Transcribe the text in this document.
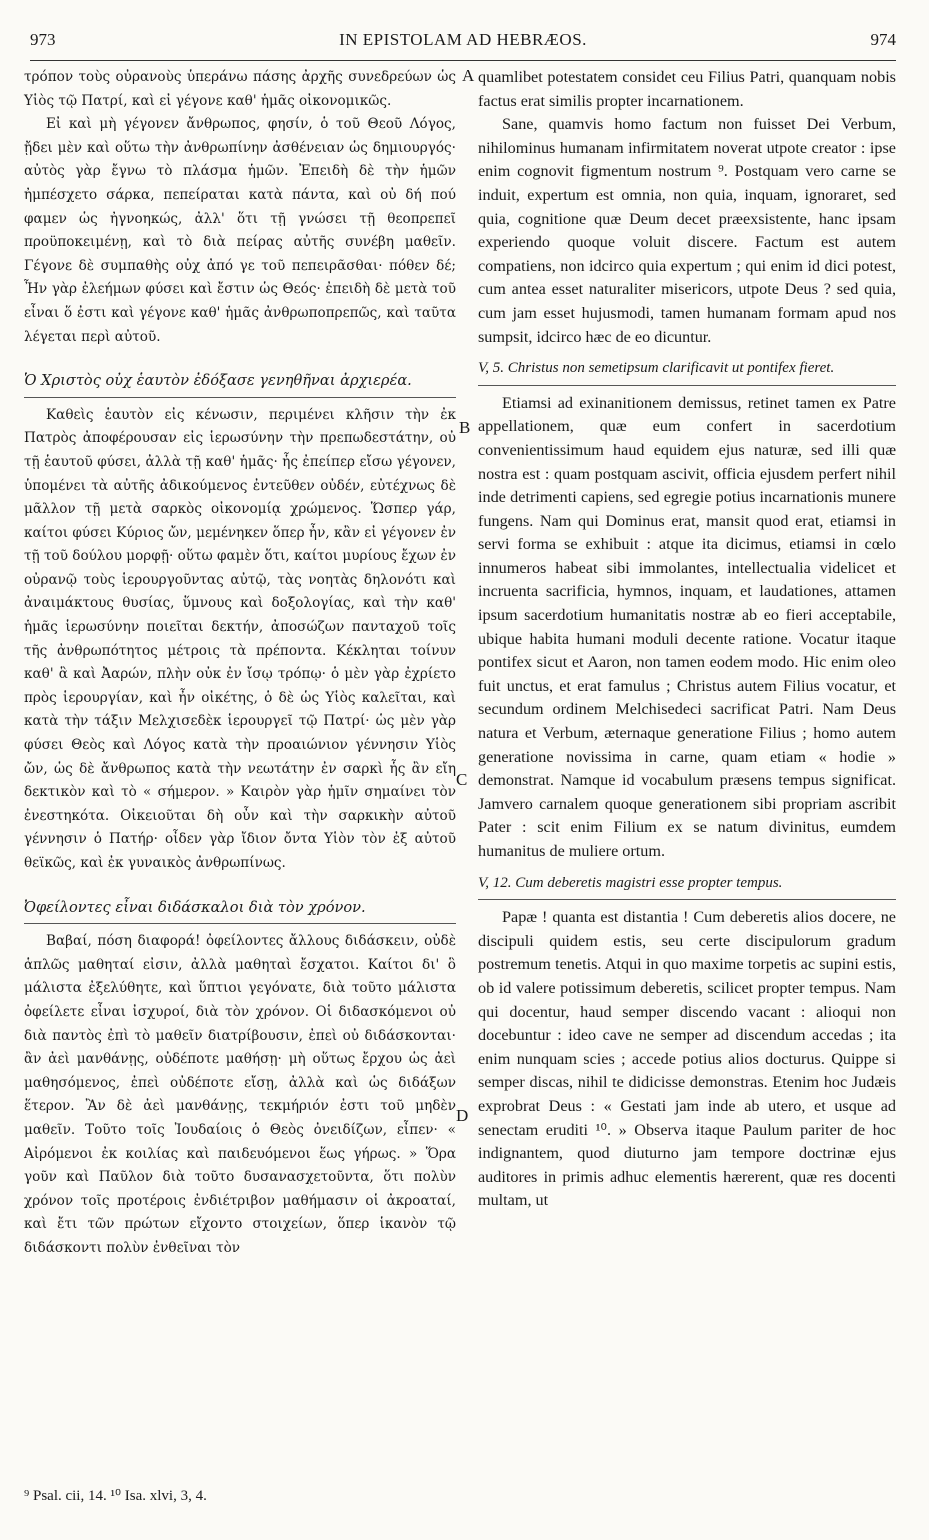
973	IN EPISTOLAM AD HEBRÆOS.	974

τρόπον τοὺς οὐρανοὺς ὑπεράνω πάσης ἀρχῆς συνεδρεύων ὡς Υἱὸς τῷ Πατρί, καὶ εἰ γέγονε καθ' ἡμᾶς οἰκονομικῶς.

Εἰ καὶ μὴ γέγονεν ἄνθρωπος, φησίν, ὁ τοῦ Θεοῦ Λόγος, ᾔδει μὲν καὶ οὕτω τὴν ἀνθρωπίνην ἀσθένειαν ὡς δημιουργός· αὐτὸς γὰρ ἔγνω τὸ πλάσμα ἡμῶν. Ἐπειδὴ δὲ τὴν ἡμῶν ἠμπέσχετο σάρκα, πεπείραται κατὰ πάντα, καὶ οὐ δή πού φαμεν ὡς ἠγνοηκώς, ἀλλ' ὅτι τῇ γνώσει τῇ θεοπρεπεῖ προϋποκειμένῃ, καὶ τὸ διὰ πείρας αὐτῆς συνέβη μαθεῖν. Γέγονε δὲ συμπαθὴς οὐχ ἀπό γε τοῦ πεπειρᾶσθαι· πόθεν δέ; Ἦν γὰρ ἐλεήμων φύσει καὶ ἔστιν ὡς Θεός· ἐπειδὴ δὲ μετὰ τοῦ εἶναι ὅ ἐστι καὶ γέγονε καθ' ἡμᾶς ἀνθρωποπρεπῶς, καὶ ταῦτα λέγεται περὶ αὐτοῦ.

Ὁ Χριστὸς οὐχ ἑαυτὸν ἐδόξασε γενηθῆναι ἀρχιερέα.

Καθεὶς ἑαυτὸν εἰς κένωσιν, περιμένει κλῆσιν τὴν ἐκ Πατρὸς ἀποφέρουσαν εἰς ἱερωσύνην τὴν πρεπωδεστάτην, οὐ τῇ ἑαυτοῦ φύσει, ἀλλὰ τῇ καθ' ἡμᾶς· ἧς ἐπείπερ εἴσω γέγονεν, ὑπομένει τὰ αὐτῆς ἀδικούμενος ἐντεῦθεν οὐδέν, εὐτέχνως δὲ μᾶλλον τῇ μετὰ σαρκὸς οἰκονομίᾳ χρώμενος. Ὥσπερ γάρ, καίτοι φύσει Κύριος ὤν, μεμένηκεν ὅπερ ἦν, κἂν εἰ γέγονεν ἐν τῇ τοῦ δούλου μορφῇ· οὕτω φαμὲν ὅτι, καίτοι μυρίους ἔχων ἐν οὐρανῷ τοὺς ἱερουργοῦντας αὐτῷ, τὰς νοητὰς δηλονότι καὶ ἀναιμάκτους θυσίας, ὕμνους καὶ δοξολογίας, καὶ τὴν καθ' ἡμᾶς ἱερωσύνην ποιεῖται δεκτήν, ἀποσώζων πανταχοῦ τοῖς τῆς ἀνθρωπότητος μέτροις τὰ πρέποντα. Κέκληται τοίνυν καθ' ἃ καὶ Ἀαρών, πλὴν οὐκ ἐν ἴσῳ τρόπῳ· ὁ μὲν γὰρ ἐχρίετο πρὸς ἱερουργίαν, καὶ ἦν οἰκέτης, ὁ δὲ ὡς Υἱὸς καλεῖται, καὶ κατὰ τὴν τάξιν Μελχισεδὲκ ἱερουργεῖ τῷ Πατρί· ὡς μὲν γὰρ φύσει Θεὸς καὶ Λόγος κατὰ τὴν προαιώνιον γέννησιν Υἱὸς ὤν, ὡς δὲ ἄνθρωπος κατὰ τὴν νεωτάτην ἐν σαρκὶ ἧς ἂν εἴη δεκτικὸν καὶ τὸ « σήμερον. » Καιρὸν γὰρ ἡμῖν σημαίνει τὸν ἐνεστηκότα. Οἰκειοῦται δὴ οὖν καὶ τὴν σαρκικὴν αὐτοῦ γέννησιν ὁ Πατήρ· οἶδεν γὰρ ἴδιον ὄντα Υἱὸν τὸν ἐξ αὐτοῦ θεϊκῶς, καὶ ἐκ γυναικὸς ἀνθρωπίνως.

Ὀφείλοντες εἶναι διδάσκαλοι διὰ τὸν χρόνον.

Βαβαί, πόση διαφορά! ὀφείλοντες ἄλλους διδάσκειν, οὐδὲ ἁπλῶς μαθηταί εἰσιν, ἀλλὰ μαθηταὶ ἔσχατοι. Καίτοι δι' ὃ μάλιστα ἐξελύθητε, καὶ ὕπτιοι γεγόνατε, διὰ τοῦτο μάλιστα ὀφείλετε εἶναι ἰσχυροί, διὰ τὸν χρόνον. Οἱ διδασκόμενοι οὐ διὰ παντὸς ἐπὶ τὸ μαθεῖν διατρίβουσιν, ἐπεὶ οὐ διδάσκονται· ἂν ἀεὶ μανθάνῃς, οὐδέποτε μαθήσῃ· μὴ οὕτως ἔρχου ὡς ἀεὶ μαθησόμενος, ἐπεὶ οὐδέποτε εἴσῃ, ἀλλὰ καὶ ὡς διδάξων ἕτερον. Ἂν δὲ ἀεὶ μανθάνῃς, τεκμήριόν ἐστι τοῦ μηδὲν μαθεῖν. Τοῦτο τοῖς Ἰουδαίοις ὁ Θεὸς ὀνειδίζων, εἶπεν· « Αἰρόμενοι ἐκ κοιλίας καὶ παιδευόμενοι ἕως γήρως. » Ὅρα γοῦν καὶ Παῦλον διὰ τοῦτο δυσανασχετοῦντα, ὅτι πολὺν χρόνον τοῖς προτέροις ἐνδιέτριβον μαθήμασιν οἱ ἀκροαταί, καὶ ἔτι τῶν πρώτων εἴχοντο στοιχείων, ὅπερ ἱκανὸν τῷ διδάσκοντι πολὺν ἐνθεῖναι τὸν

quamlibet potestatem considet ceu Filius Patri, quanquam nobis factus erat similis propter incarnationem.

Sane, quamvis homo factum non fuisset Dei Verbum, nihilominus humanam infirmitatem noverat utpote creator : ipse enim cognovit figmentum nostrum ⁹. Postquam vero carne se induit, expertum est omnia, non quia, inquam, ignoraret, sed quia, cognitione quæ Deum decet præexsistente, hanc ipsam experiendo quoque voluit discere. Factum est autem compatiens, non idcirco quia expertum ; qui enim id dici potest, cum antea esset naturaliter misericors, utpote Deus ? sed quia, cum jam esset hujusmodi, tamen humanam formam apud nos sumpsit, idcirco hæc de eo dicuntur.

V, 5. Christus non semetipsum clarificavit ut pontifex fieret.

Etiamsi ad exinanitionem demissus, retinet tamen ex Patre appellationem, quæ eum confert in sacerdotium convenientissimum haud equidem ejus naturæ, sed illi quæ nostra est : quam postquam ascivit, officia ejusdem perfert nihil inde detrimenti capiens, sed egregie potius incarnationis munere fungens. Nam qui Dominus erat, mansit quod erat, etiamsi in servi forma se exhibuit : atque ita dicimus, etiamsi in cœlo innumeros habeat sibi immolantes, intellectualia videlicet et incruenta sacrificia, hymnos, inquam, et laudationes, attamen ipsum sacerdotium humanitatis nostræ ab eo fieri acceptabile, ubique habita humani moduli decente ratione. Vocatur itaque pontifex sicut et Aaron, non tamen eodem modo. Hic enim oleo fuit unctus, et erat famulus ; Christus autem Filius vocatur, et secundum ordinem Melchisedeci sacrificat Patri. Nam Deus natura et Verbum, æternaque generatione Filius ; homo autem generatione novissima in carne, quam etiam « hodie » demonstrat. Namque id vocabulum præsens tempus significat. Jamvero carnalem quoque generationem sibi propriam ascribit Pater : scit enim Filium ex se natum divinitus, eumdem humanitus de muliere ortum.

V, 12. Cum deberetis magistri esse propter tempus.

Papæ ! quanta est distantia ! Cum deberetis alios docere, ne discipuli quidem estis, seu certe discipulorum gradum postremum tenetis. Atqui in quo maxime torpetis ac supini estis, ob id valere potissimum deberetis, scilicet propter tempus. Nam qui docentur, haud semper discendo vacant : alioqui non docebuntur : ideo cave ne semper ad discendum accedas ; ita enim nunquam scies ; accede potius alios docturus. Quippe si semper discas, nihil te didicisse demonstras. Etenim hoc Judæis exprobrat Deus : « Gestati jam inde ab utero, et usque ad senectam eruditi ¹⁰. » Observa itaque Paulum pariter de hoc indignantem, quod diuturno jam tempore doctrinæ ejus auditores in primis adhuc elementis hærerent, quæ res docenti multam, ut

A
B
C
D
⁹ Psal. cii, 14. ¹⁰ Isa. xlvi, 3, 4.
